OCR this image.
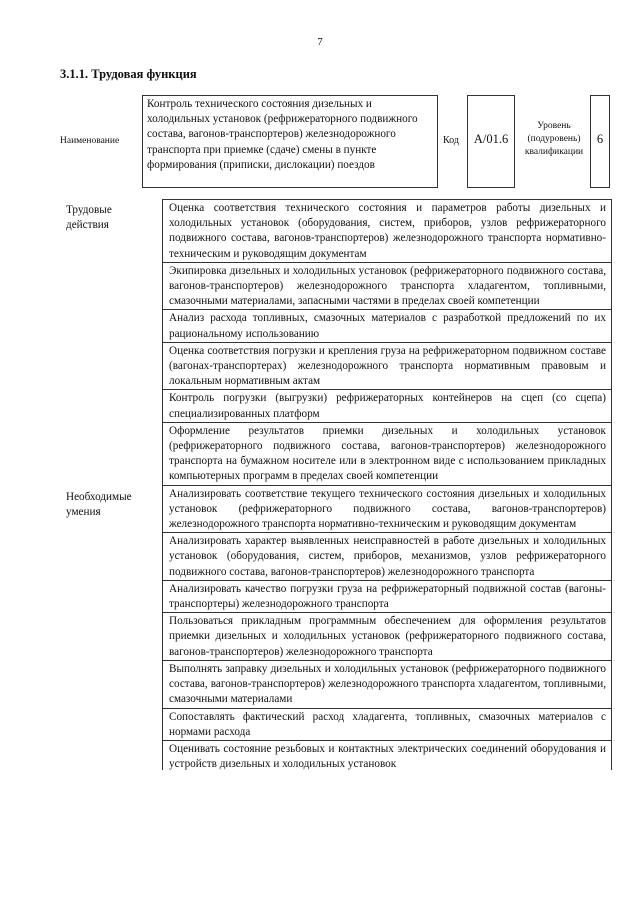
7
3.1.1. Трудовая функция
Наименование
Контроль технического состояния дизельных и холодильных установок (рефрижераторного подвижного состава, вагонов-транспортеров) железнодорожного транспорта при приемке (сдаче) смены в пункте формирования (приписки, дислокации) поездов
Код	А/01.6
Уровень (подуровень) квалификации
6
Трудовые действия
Оценка соответствия технического состояния и параметров работы дизельных и холодильных установок (оборудования, систем, приборов, узлов рефрижераторного подвижного состава, вагонов-транспортеров) железнодорожного транспорта нормативно-техническим и руководящим документам
Экипировка дизельных и холодильных установок (рефрижераторного подвижного состава, вагонов-транспортеров) железнодорожного транспорта хладагентом, топливными, смазочными материалами, запасными частями в пределах своей компетенции
Анализ расхода топливных, смазочных материалов с разработкой предложений по их рациональному использованию
Оценка соответствия погрузки и крепления груза на рефрижераторном подвижном составе (вагонах-транспортерах) железнодорожного транспорта нормативным правовым и локальным нормативным актам
Контроль погрузки (выгрузки) рефрижераторных контейнеров на сцеп (со сцепа) специализированных платформ
Оформление результатов приемки дизельных и холодильных установок (рефрижераторного подвижного состава, вагонов-транспортеров) железнодорожного транспорта на бумажном носителе или в электронном виде с использованием прикладных компьютерных программ в пределах своей компетенции
Необходимые умения
Анализировать соответствие текущего технического состояния дизельных и холодильных установок (рефрижераторного подвижного состава, вагонов-транспортеров) железнодорожного транспорта нормативно-техническим и руководящим документам
Анализировать характер выявленных неисправностей в работе дизельных и холодильных установок (оборудования, систем, приборов, механизмов, узлов рефрижераторного подвижного состава, вагонов-транспортеров) железнодорожного транспорта
Анализировать качество погрузки груза на рефрижераторный подвижной состав (вагоны-транспортеры) железнодорожного транспорта
Пользоваться прикладным программным обеспечением для оформления результатов приемки дизельных и холодильных установок (рефрижераторного подвижного состава, вагонов-транспортеров) железнодорожного транспорта
Выполнять заправку дизельных и холодильных установок (рефрижераторного подвижного состава, вагонов-транспортеров) железнодорожного транспорта хладагентом, топливными, смазочными материалами
Сопоставлять фактический расход хладагента, топливных, смазочных материалов с нормами расхода
Оценивать состояние резьбовых и контактных электрических соединений оборудования и устройств дизельных и холодильных установок
